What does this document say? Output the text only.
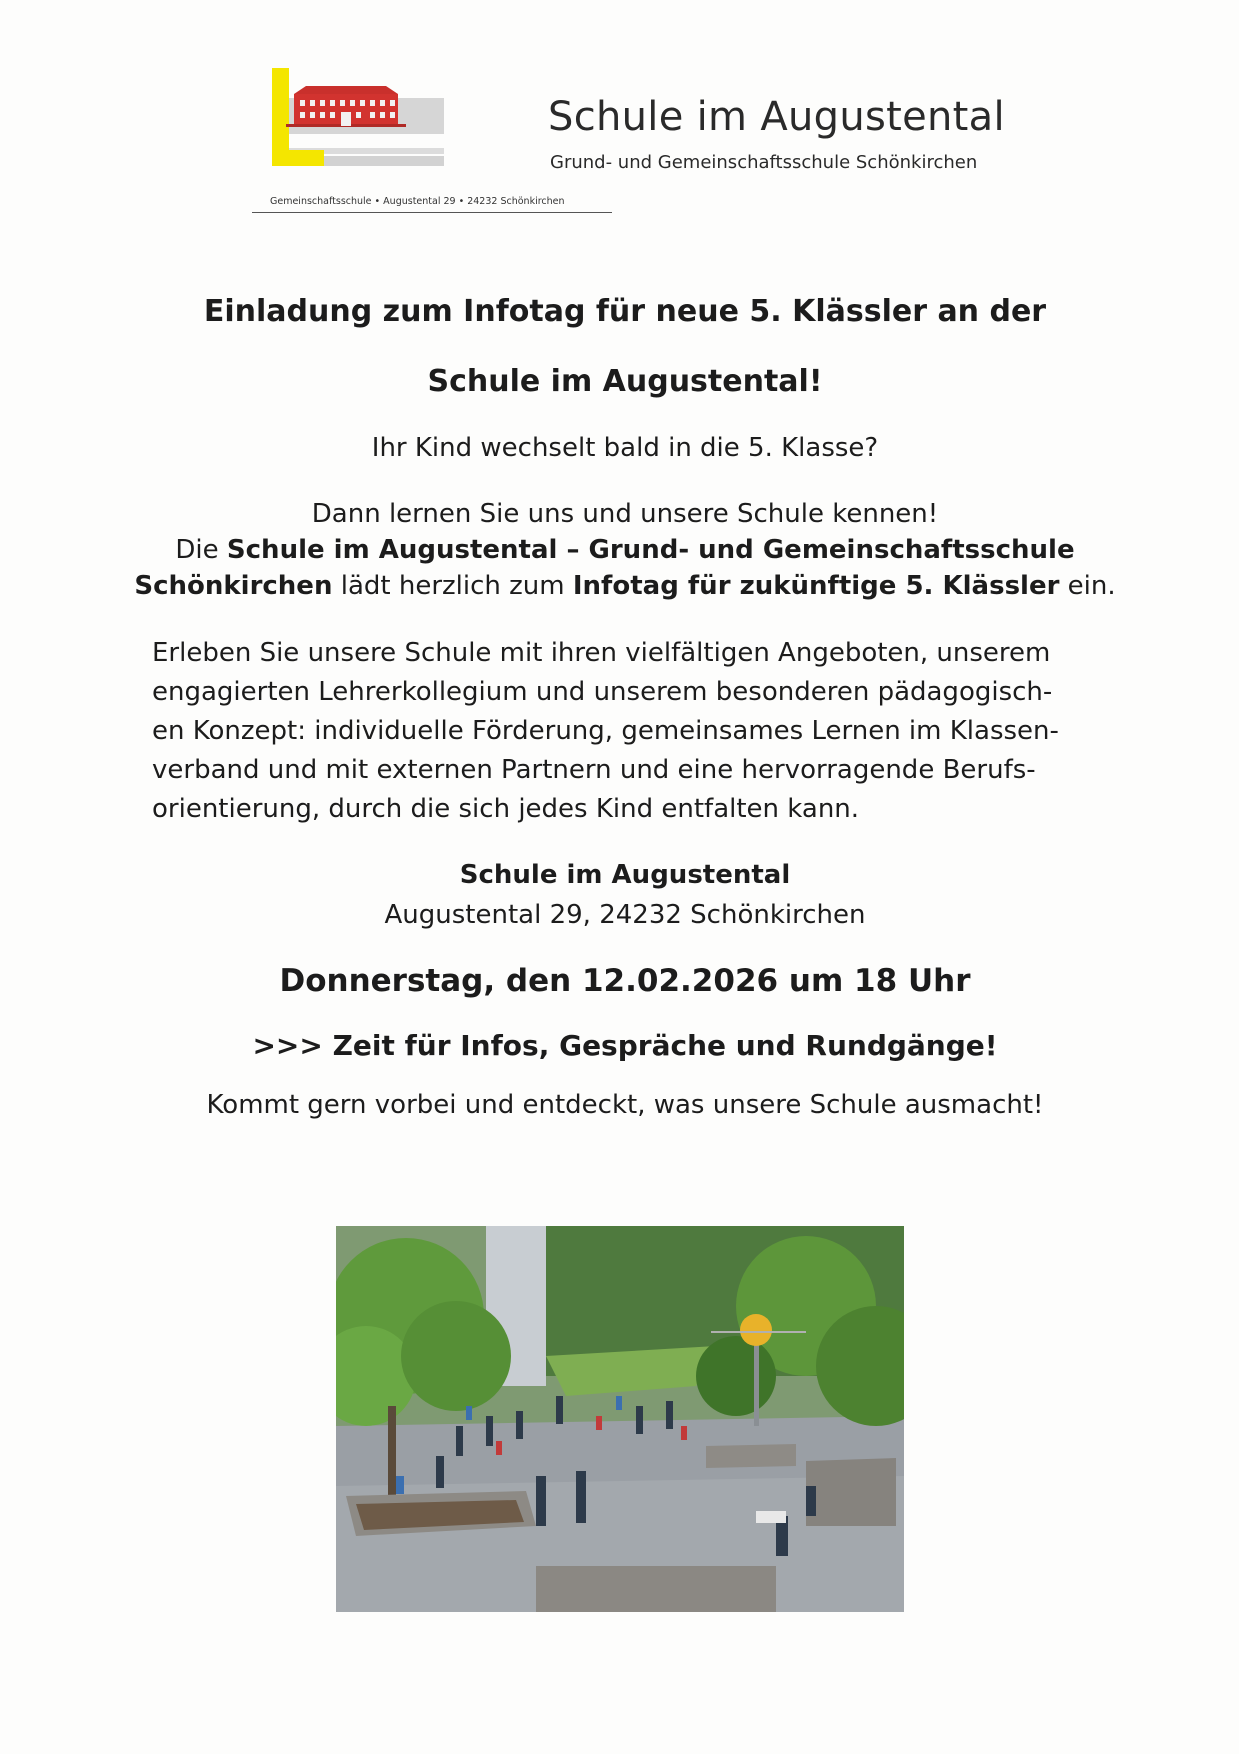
Schule im Augustental
Grund- und Gemeinschaftsschule Schönkirchen
Gemeinschaftsschule • Augustental 29 • 24232 Schönkirchen

Einladung zum Infotag für neue 5. Klässler an der

Schule im Augustental!

Ihr Kind wechselt bald in die 5. Klasse?

Dann lernen Sie uns und unsere Schule kennen!

Die Schule im Augustental – Grund- und Gemeinschaftsschule

Schönkirchen lädt herzlich zum Infotag für zukünftige 5. Klässler ein.

Erleben Sie unsere Schule mit ihren vielfältigen Angeboten, unserem
engagierten Lehrerkollegium und unserem besonderen pädagogisch-
en Konzept: individuelle Förderung, gemeinsames Lernen im Klassen-
verband und mit externen Partnern und eine hervorragende Berufs-
orientierung, durch die sich jedes Kind entfalten kann.
Schule im Augustental
Augustental 29, 24232 Schönkirchen
Donnerstag, den 12.02.2026 um 18 Uhr
>>> Zeit für Infos, Gespräche und Rundgänge!
Kommt gern vorbei und entdeckt, was unsere Schule ausmacht!
